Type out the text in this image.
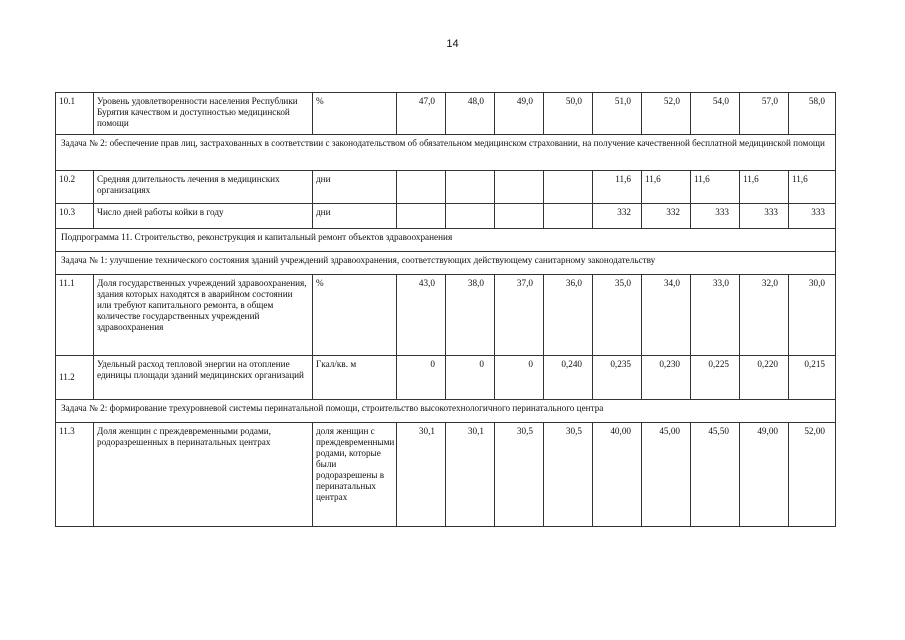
14
10.1	Уровень удовлетворенности населения Республики Бурятия качеством и доступностью медицинской помощи	%	47,0	48,0	49,0	50,0	51,0	52,0	54,0	57,0	58,0
Задача № 2: обеспечение прав лиц, застрахованных в соответствии с законодательством об обязательном медицинском страховании, на получение качественной бесплатной медицинской помощи											
10.2	Средняя длительность лечения в медицинских организациях	дни					11,6	11,6	11,6	11,6	11,6
10.3	Число дней работы койки в году	дни					332	332	333	333	333
Подпрограмма 11. Строительство, реконструкция и капитальный ремонт объектов здравоохранения											
Задача № 1: улучшение технического состояния зданий учреждений здравоохранения, соответствующих действующему санитарному законодательству											
11.1	Доля государственных учреждений здравоохранения, здания которых находятся в аварийном состоянии или требуют капитального ремонта, в общем количестве государственных учреждений здравоохранения	%	43,0	38,0	37,0	36,0	35,0	34,0	33,0	32,0	30,0
11.2	Удельный расход тепловой энергии на отопление единицы площади зданий медицинских организаций	Гкал/кв. м	0	0	0	0,240	0,235	0,230	0,225	0,220	0,215
Задача № 2: формирование трехуровневой системы перинатальной помощи, строительство высокотехнологичного перинатального центра											
11.3	Доля женщин с преждевременными родами, родоразрешенных в перинатальных центрах	доля женщин с преждевременными родами, которые были родоразрешены в перинатальных центрах	30,1	30,1	30,5	30,5	40,00	45,00	45,50	49,00	52,00
